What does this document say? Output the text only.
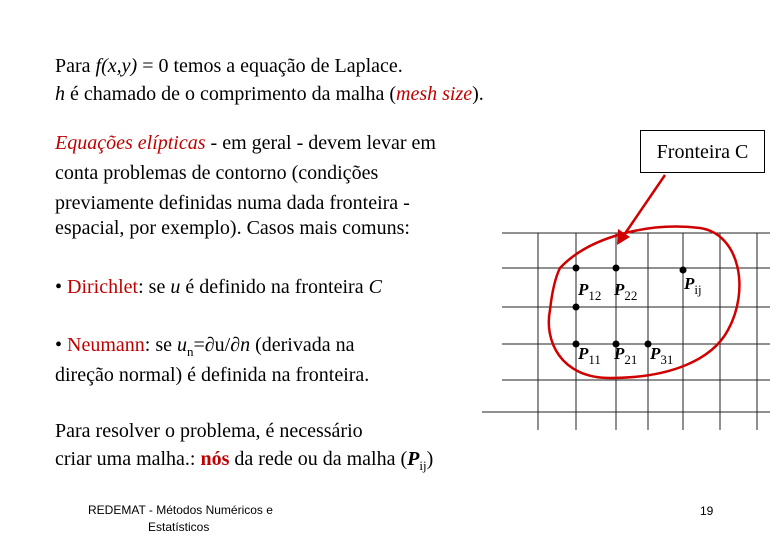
$P_{12}$ $P_{22}$
$P_{ij}$
$P_{11}$ $P_{21}$ $P_{31}$
Fronteira C
Para f(x,y) = 0 temos a equação de Laplace.
h é chamado de o comprimento da malha (mesh size).
Equações elípticas - em geral - devem levar em
conta problemas de contorno (condições
previamente definidas numa dada fronteira -
espacial, por exemplo). Casos mais comuns:
• Dirichlet: se u é definido na fronteira C
• Neumann: se $u_n=\partial u/\partial n$ (derivada na
direção normal) é definida na fronteira.
Para resolver o problema, é necessário
criar uma malha.: nós da rede ou da malha $(P_{ij})$
REDEMAT - Métodos Numéricos e
Estatísticos
19
